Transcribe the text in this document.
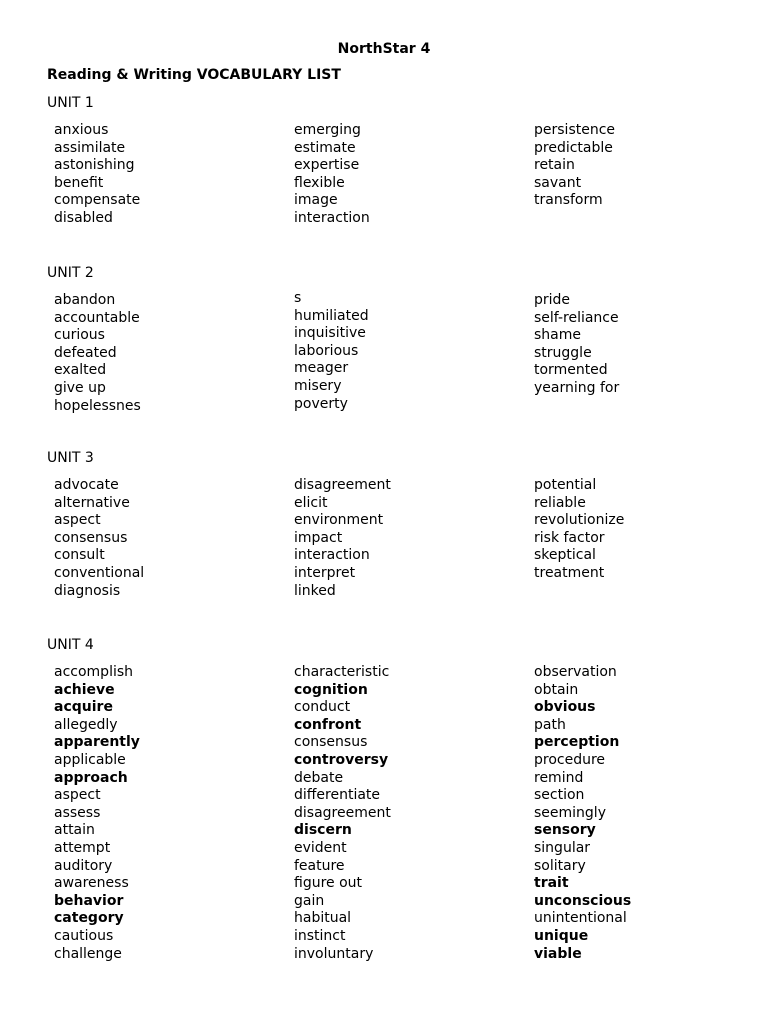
NorthStar 4
Reading & Writing VOCABULARY LIST
UNIT 1
anxious
assimilate
astonishing
benefit
compensate
disabled
emerging
estimate
expertise
flexible
image
interaction
persistence
predictable
retain
savant
transform
UNIT 2
abandon
accountable
curious
defeated
exalted
give up
hopelessnes
s
humiliated
inquisitive
laborious
meager
misery
poverty
pride
self-reliance
shame
struggle
tormented
yearning for
UNIT 3
advocate
alternative
aspect
consensus
consult
conventional
diagnosis
disagreement
elicit
environment
impact
interaction
interpret
linked
potential
reliable
revolutionize
risk factor
skeptical
treatment
UNIT 4
accomplish
achieve
acquire
allegedly
apparently
applicable
approach
aspect
assess
attain
attempt
auditory
awareness
behavior
category
cautious
challenge
characteristic
cognition
conduct
confront
consensus
controversy
debate
differentiate
disagreement
discern
evident
feature
figure out
gain
habitual
instinct
involuntary
observation
obtain
obvious
path
perception
procedure
remind
section
seemingly
sensory
singular
solitary
trait
unconscious
unintentional
unique
viable
